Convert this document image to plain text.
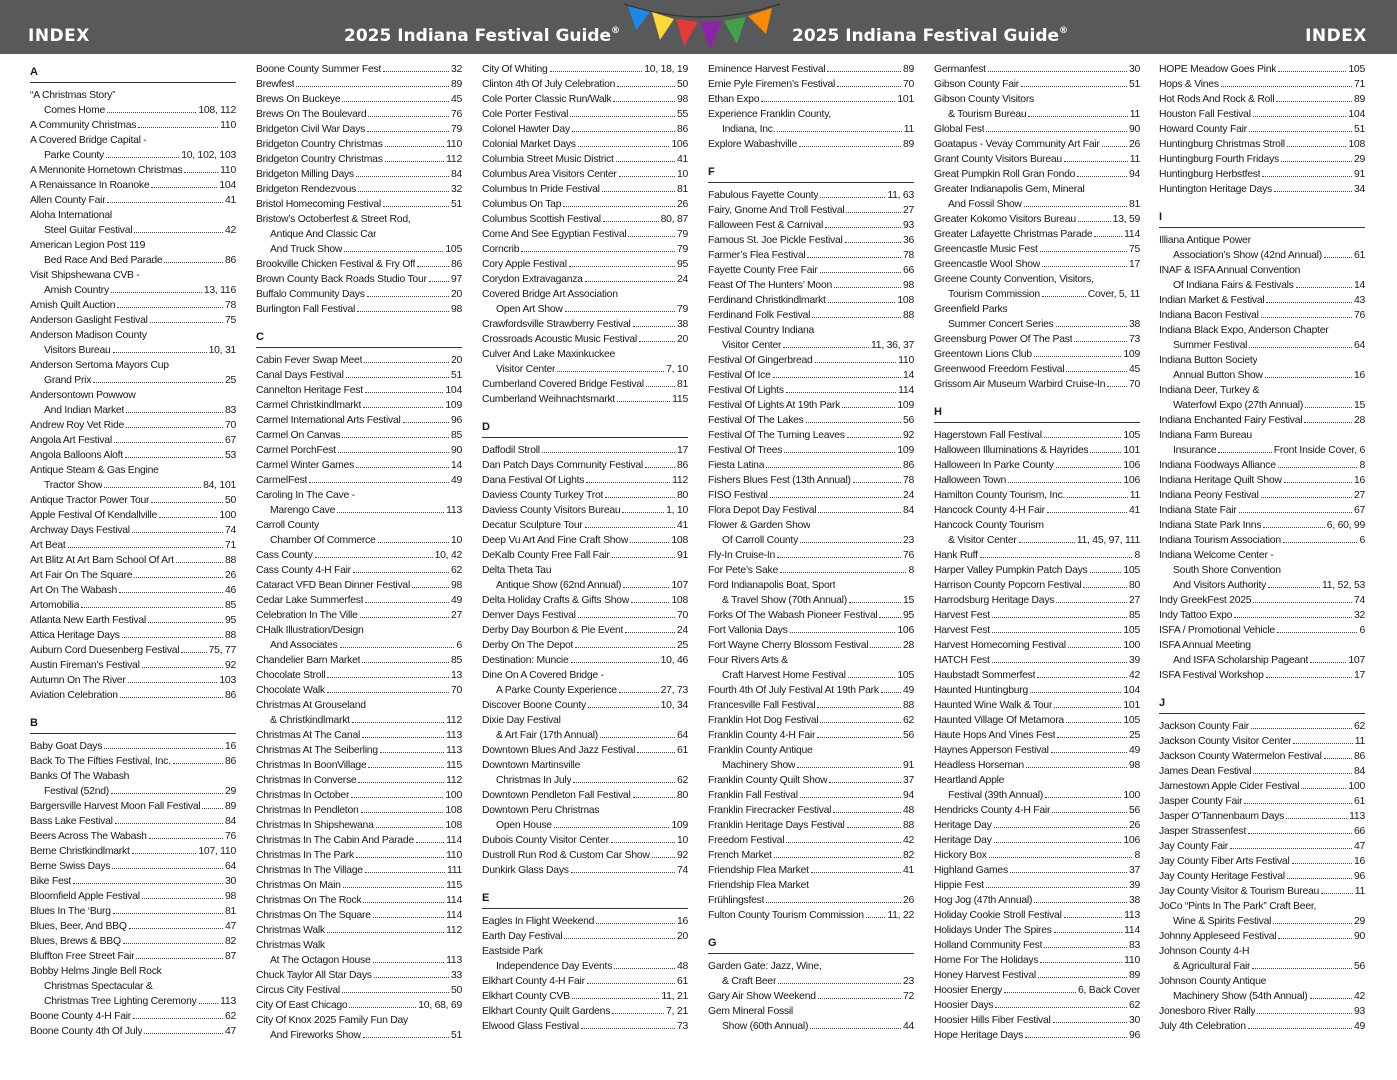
INDEX	2025 Indiana Festival Guide®	2025 Indiana Festival Guide®	INDEX
A
“A Christmas Story”
Comes Home	108, 112
A Community Christmas	110
A Covered Bridge Capital -
Parke County	10, 102, 103
A Mennonite Hometown Christmas	110
A Renaissance In Roanoke	104
Allen County Fair	41
Aloha International
Steel Guitar Festival	42
American Legion Post 119
Bed Race And Bed Parade	86
Visit Shipshewana CVB -
Amish Country	13, 116
Amish Quilt Auction	78
Anderson Gaslight Festival	75
Anderson Madison County
Visitors Bureau	10, 31
Anderson Sertoma Mayors Cup
Grand Prix	25
Andersontown Powwow
And Indian Market	83
Andrew Roy Vet Ride	70
Angola Art Festival	67
Angola Balloons Aloft	53
Antique Steam & Gas Engine
Tractor Show	84, 101
Antique Tractor Power Tour	50
Apple Festival Of Kendallville	100
Archway Days Festival	74
Art Beat	71
Art Blitz At Art Barn School Of Art	88
Art Fair On The Square	26
Art On The Wabash	46
Artomobilia	85
Atlanta New Earth Festival	95
Attica Heritage Days	88
Auburn Cord Duesenberg Festival	75, 77
Austin Fireman’s Festival	92
Autumn On The River	103
Aviation Celebration	86
B
Baby Goat Days	16
Back To The Fifties Festival, Inc.	86
Banks Of The Wabash
Festival (52nd)	29
Bargersville Harvest Moon Fall Festival 89
Bass Lake Festival	84
Beers Across The Wabash	76
Berne Christkindlmarkt	107, 110
Berne Swiss Days	64
Bike Fest	30
Bloomfield Apple Festival	98
Blues In The ‘Burg	81
Blues, Beer, And BBQ	47
Blues, Brews & BBQ	82
Bluffton Free Street Fair	87
Bobby Helms Jingle Bell Rock
Christmas Spectacular &
Christmas Tree Lighting Ceremony 113
Boone County 4-H Fair	62
Boone County 4th Of July	47
Boone County Summer Fest	32
Brewfest	89
Brews On Buckeye	45
Brews On The Boulevard	76
Bridgeton Civil War Days	79
Bridgeton Country Christmas	110
Bridgeton Country Christmas	112
Bridgeton Milling Days	84
Bridgeton Rendezvous	32
Bristol Homecoming Festival	51
Bristow’s Octoberfest & Street Rod,
Antique And Classic Car
And Truck Show	105
Brookville Chicken Festival & Fry Off	86
Brown County Back Roads Studio Tour 97
Buffalo Community Days	20
Burlington Fall Festival	98
C
Cabin Fever Swap Meet	20
Canal Days Festival	51
Cannelton Heritage Fest	104
Carmel Christkindlmarkt	109
Carmel International Arts Festival	96
Carmel On Canvas	85
Carmel PorchFest	90
Carmel Winter Games	14
CarmelFest	49
Caroling In The Cave -
Marengo Cave	113
Carroll County
Chamber Of Commerce	10
Cass County	10, 42
Cass County 4-H Fair	62
Cataract VFD Bean Dinner Festival	98
Cedar Lake Summerfest	49
Celebration In The Ville	27
CHalk Illustration/Design
And Associates	6
Chandelier Barn Market	85
Chocolate Stroll	13
Chocolate Walk	70
Christmas At Grouseland
& Christkindlmarkt	112
Christmas At The Canal	113
Christmas At The Seiberling	113
Christmas In BoonVillage	115
Christmas In Converse	112
Christmas In October	100
Christmas In Pendleton	108
Christmas In Shipshewana	108
Christmas In The Cabin And Parade	114
Christmas In The Park	110
Christmas In The Village	111
Christmas On Main	115
Christmas On The Rock	114
Christmas On The Square	114
Christmas Walk	112
Christmas Walk
At The Octagon House	113
Chuck Taylor All Star Days	33
Circus City Festival	50
City Of East Chicago	10, 68, 69
City Of Knox 2025 Family Fun Day
And Fireworks Show	51
City Of Whiting	10, 18, 19
Clinton 4th Of July Celebration	50
Cole Porter Classic Run/Walk	98
Cole Porter Festival	55
Colonel Hawter Day	86
Colonial Market Days	106
Columbia Street Music District	41
Columbus Area Visitors Center	10
Columbus In Pride Festival	81
Columbus On Tap	26
Columbus Scottish Festival	80, 87
Come And See Egyptian Festival	79
Corncrib	79
Cory Apple Festival	95
Corydon Extravaganza	24
Covered Bridge Art Association
Open Art Show	79
Crawfordsville Strawberry Festival	38
Crossroads Acoustic Music Festival	20
Culver And Lake Maxinkuckee
Visitor Center	7, 10
Cumberland Covered Bridge Festival	81
Cumberland Weihnachtsmarkt	115
D
Daffodil Stroll	17
Dan Patch Days Community Festival	86
Dana Festival Of Lights	112
Daviess County Turkey Trot	80
Daviess County Visitors Bureau	1, 10
Decatur Sculpture Tour	41
Deep Vu Art And Fine Craft Show	108
DeKalb County Free Fall Fair	91
Delta Theta Tau
Antique Show (62nd Annual)	107
Delta Holiday Crafts & Gifts Show	108
Denver Days Festival	70
Derby Day Bourbon & Pie Event	24
Derby On The Depot	25
Destination: Muncie	10, 46
Dine On A Covered Bridge -
A Parke County Experience	27, 73
Discover Boone County	10, 34
Dixie Day Festival
& Art Fair (17th Annual)	64
Downtown Blues And Jazz Festival	61
Downtown Martinsville
Christmas In July	62
Downtown Pendleton Fall Festival	80
Downtown Peru Christmas
Open House	109
Dubois County Visitor Center	10
Dustroll Run Rod & Custom Car Show	92
Dunkirk Glass Days	74
E
Eagles In Flight Weekend	16
Earth Day Festival	20
Eastside Park
Independence Day Events	48
Elkhart County 4-H Fair	61
Elkhart County CVB	11, 21
Elkhart County Quilt Gardens	7, 21
Elwood Glass Festival	73
Eminence Harvest Festival	89
Ernie Pyle Firemen’s Festival	70
Ethan Expo	101
Experience Franklin County,
Indiana, Inc.	11
Explore Wabashville	89
F
Fabulous Fayette County	11, 63
Fairy, Gnome And Troll Festival	27
Falloween Fest & Carnival	93
Famous St. Joe Pickle Festival	36
Farmer’s Flea Festival	78
Fayette County Free Fair	66
Feast Of The Hunters’ Moon	98
Ferdinand Christkindlmarkt	108
Ferdinand Folk Festival	88
Festival Country Indiana
Visitor Center	11, 36, 37
Festival Of Gingerbread	110
Festival Of Ice	14
Festival Of Lights	114
Festival Of Lights At 19th Park	109
Festival Of The Lakes	56
Festival Of The Turning Leaves	92
Festival Of Trees	109
Fiesta Latina	86
Fishers Blues Fest (13th Annual)	78
FISO Festival	24
Flora Depot Day Festival	84
Flower & Garden Show
Of Carroll County	23
Fly-In Cruise-In	76
For Pete’s Sake	8
Ford Indianapolis Boat, Sport
& Travel Show (70th Annual)	15
Forks Of The Wabash Pioneer Festival 95
Fort Vallonia Days	106
Fort Wayne Cherry Blossom Festival	28
Four Rivers Arts &
Craft Harvest Home Festival	105
Fourth 4th Of July Festival At 19th Park 49
Francesville Fall Festival	88
Franklin Hot Dog Festival	62
Franklin County 4-H Fair	56
Franklin County Antique
Machinery Show	91
Franklin County Quilt Show	37
Franklin Fall Festival	94
Franklin Firecracker Festival	48
Franklin Heritage Days Festival	88
Freedom Festival	42
French Market	82
Friendship Flea Market	41
Friendship Flea Market
Frühlingsfest	26
Fulton County Tourism Commission 11, 22
G
Garden Gate: Jazz, Wine,
& Craft Beer	23
Gary Air Show Weekend	72
Gem Mineral Fossil
Show (60th Annual)	44
Germanfest	30
Gibson County Fair	51
Gibson County Visitors
& Tourism Bureau	11
Global Fest	90
Goatapus - Vevay Community Art Fair	26
Grant County Visitors Bureau	11
Great Pumpkin Roll Gran Fondo	94
Greater Indianapolis Gem, Mineral
And Fossil Show	81
Greater Kokomo Visitors Bureau	13, 59
Greater Lafayette Christmas Parade	114
Greencastle Music Fest	75
Greencastle Wool Show	17
Greene County Convention, Visitors,
Tourism Commission	Cover, 5, 11
Greenfield Parks
Summer Concert Series	38
Greensburg Power Of The Past	73
Greentown Lions Club	109
Greenwood Freedom Festival	45
Grissom Air Museum Warbird Cruise-In 70
H
Hagerstown Fall Festival	105
Halloween Illuminations & Hayrides	101
Halloween In Parke County	106
Halloween Town	106
Hamilton County Tourism, Inc.	11
Hancock County 4-H Fair	41
Hancock County Tourism
& Visitor Center	11, 45, 97, 111
Hank Ruff	8
Harper Valley Pumpkin Patch Days	105
Harrison County Popcorn Festival	80
Harrodsburg Heritage Days	27
Harvest Fest	85
Harvest Fest	105
Harvest Homecoming Festival	100
HATCH Fest	39
Haubstadt Sommerfest	42
Haunted Huntingburg	104
Haunted Wine Walk & Tour	101
Haunted Village Of Metamora	105
Haute Hops And Vines Fest	25
Haynes Apperson Festival	49
Headless Horseman	98
Heartland Apple
Festival (39th Annual)	100
Hendricks County 4-H Fair	56
Heritage Day	26
Heritage Day	106
Hickory Box	8
Highland Games	37
Hippie Fest	39
Hog Jog (47th Annual)	38
Holiday Cookie Stroll Festival	113
Holidays Under The Spires	114
Holland Community Fest	83
Home For The Holidays	110
Honey Harvest Festival	89
Hoosier Energy	6, Back Cover
Hoosier Days	62
Hoosier Hills Fiber Festival	30
Hope Heritage Days	96
HOPE Meadow Goes Pink	105
Hops & Vines	71
Hot Rods And Rock & Roll	89
Houston Fall Festival	104
Howard County Fair	51
Huntingburg Christmas Stroll	108
Huntingburg Fourth Fridays	29
Huntingburg Herbstfest	91
Huntington Heritage Days	34
I
Illiana Antique Power
Association’s Show (42nd Annual)	61
INAF & ISFA Annual Convention
Of Indiana Fairs & Festivals	14
Indian Market & Festival	43
Indiana Bacon Festival	76
Indiana Black Expo, Anderson Chapter
Summer Festival	64
Indiana Button Society
Annual Button Show	16
Indiana Deer, Turkey &
Waterfowl Expo (27th Annual)	15
Indiana Enchanted Fairy Festival	28
Indiana Farm Bureau
Insurance	Front Inside Cover, 6
Indiana Foodways Alliance	8
Indiana Heritage Quilt Show	16
Indiana Peony Festival	27
Indiana State Fair	67
Indiana State Park Inns	6, 60, 99
Indiana Tourism Association	6
Indiana Welcome Center -
South Shore Convention
And Visitors Authority	11, 52, 53
Indy GreekFest 2025	74
Indy Tattoo Expo	32
ISFA / Promotional Vehicle	6
ISFA Annual Meeting
And ISFA Scholarship Pageant	107
ISFA Festival Workshop	17
J
Jackson County Fair	62
Jackson County Visitor Center	11
Jackson County Watermelon Festival	86
James Dean Festival	84
Jamestown Apple Cider Festival	100
Jasper County Fair	61
Jasper O’Tannenbaum Days	113
Jasper Strassenfest	66
Jay County Fair	47
Jay County Fiber Arts Festival	16
Jay County Heritage Festival	96
Jay County Visitor & Tourism Bureau	11
JoCo “Pints In The Park” Craft Beer,
Wine & Spirits Festival	29
Johnny Appleseed Festival	90
Johnson County 4-H
& Agricultural Fair	56
Johnson County Antique
Machinery Show (54th Annual)	42
Jonesboro River Rally	93
July 4th Celebration	49
